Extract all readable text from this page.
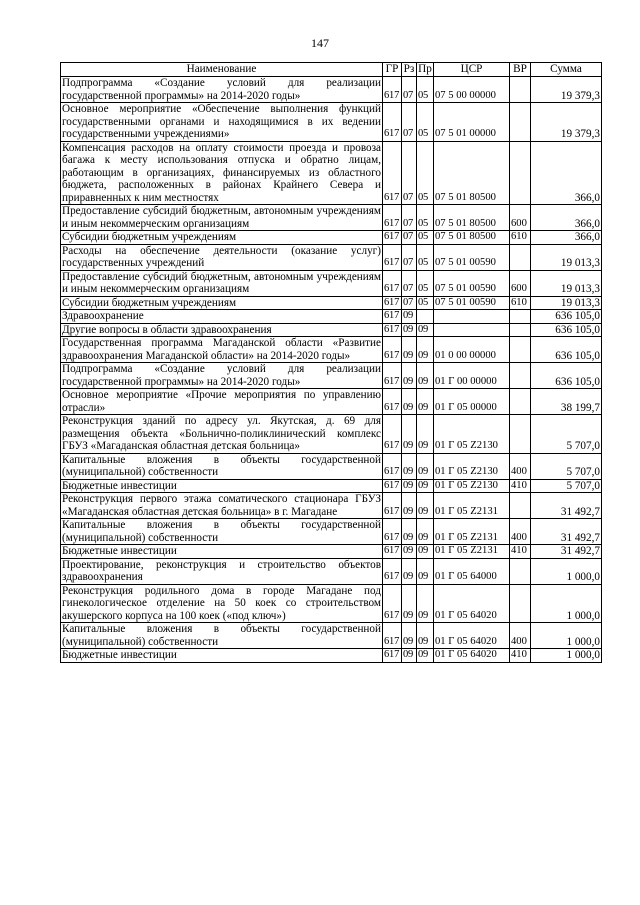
147
Наименование	ГР	Рз	Пр	ЦСР	ВР	Сумма
Подпрограмма «Создание условий для реализации государственной программы» на 2014-2020 годы»	617	07	05	07 5 00 00000		19 379,3
Основное мероприятие «Обеспечение выполнения функций государственными органами и находящимися в их ведении государственными учреждениями»	617	07	05	07 5 01 00000		19 379,3
Компенсация расходов на оплату стоимости проезда и провоза багажа к месту использования отпуска и обратно лицам, работающим в организациях, финансируемых из областного бюджета, расположенных в районах Крайнего Севера и приравненных к ним местностях	617	07	05	07 5 01 80500		366,0
Предоставление субсидий бюджетным, автономным учреждениям и иным некоммерческим организациям	617	07	05	07 5 01 80500	600	366,0
Субсидии бюджетным учреждениям	617	07	05	07 5 01 80500	610	366,0
Расходы на обеспечение деятельности (оказание услуг) государственных учреждений	617	07	05	07 5 01 00590		19 013,3
Предоставление субсидий бюджетным, автономным учреждениям и иным некоммерческим организациям	617	07	05	07 5 01 00590	600	19 013,3
Субсидии бюджетным учреждениям	617	07	05	07 5 01 00590	610	19 013,3
Здравоохранение	617	09				636 105,0
Другие вопросы в области здравоохранения	617	09	09			636 105,0
Государственная программа Магаданской области «Развитие здравоохранения Магаданской области» на 2014-2020 годы»	617	09	09	01 0 00 00000		636 105,0
Подпрограмма «Создание условий для реализации государственной программы» на 2014-2020 годы»	617	09	09	01 Г 00 00000		636 105,0
Основное мероприятие «Прочие мероприятия по управлению отрасли»	617	09	09	01 Г 05 00000		38 199,7
Реконструкция зданий по адресу ул. Якутская, д. 69 для размещения объекта «Больнично-поликлинический комплекс ГБУЗ «Магаданская областная детская больница»	617	09	09	01 Г 05 Z2130		5 707,0
Капитальные вложения в объекты государственной (муниципальной) собственности	617	09	09	01 Г 05 Z2130	400	5 707,0
Бюджетные инвестиции	617	09	09	01 Г 05 Z2130	410	5 707,0
Реконструкция первого этажа соматического стационара ГБУЗ «Магаданская областная детская больница» в г. Магадане	617	09	09	01 Г 05 Z2131		31 492,7
Капитальные вложения в объекты государственной (муниципальной) собственности	617	09	09	01 Г 05 Z2131	400	31 492,7
Бюджетные инвестиции	617	09	09	01 Г 05 Z2131	410	31 492,7
Проектирование, реконструкция и строительство объектов здравоохранения	617	09	09	01 Г 05 64000		1 000,0
Реконструкция родильного дома в городе Магадане под гинекологическое отделение на 50 коек со строительством акушерского корпуса на 100 коек («под ключ»)	617	09	09	01 Г 05 64020		1 000,0
Капитальные вложения в объекты государственной (муниципальной) собственности	617	09	09	01 Г 05 64020	400	1 000,0
Бюджетные инвестиции	617	09	09	01 Г 05 64020	410	1 000,0
